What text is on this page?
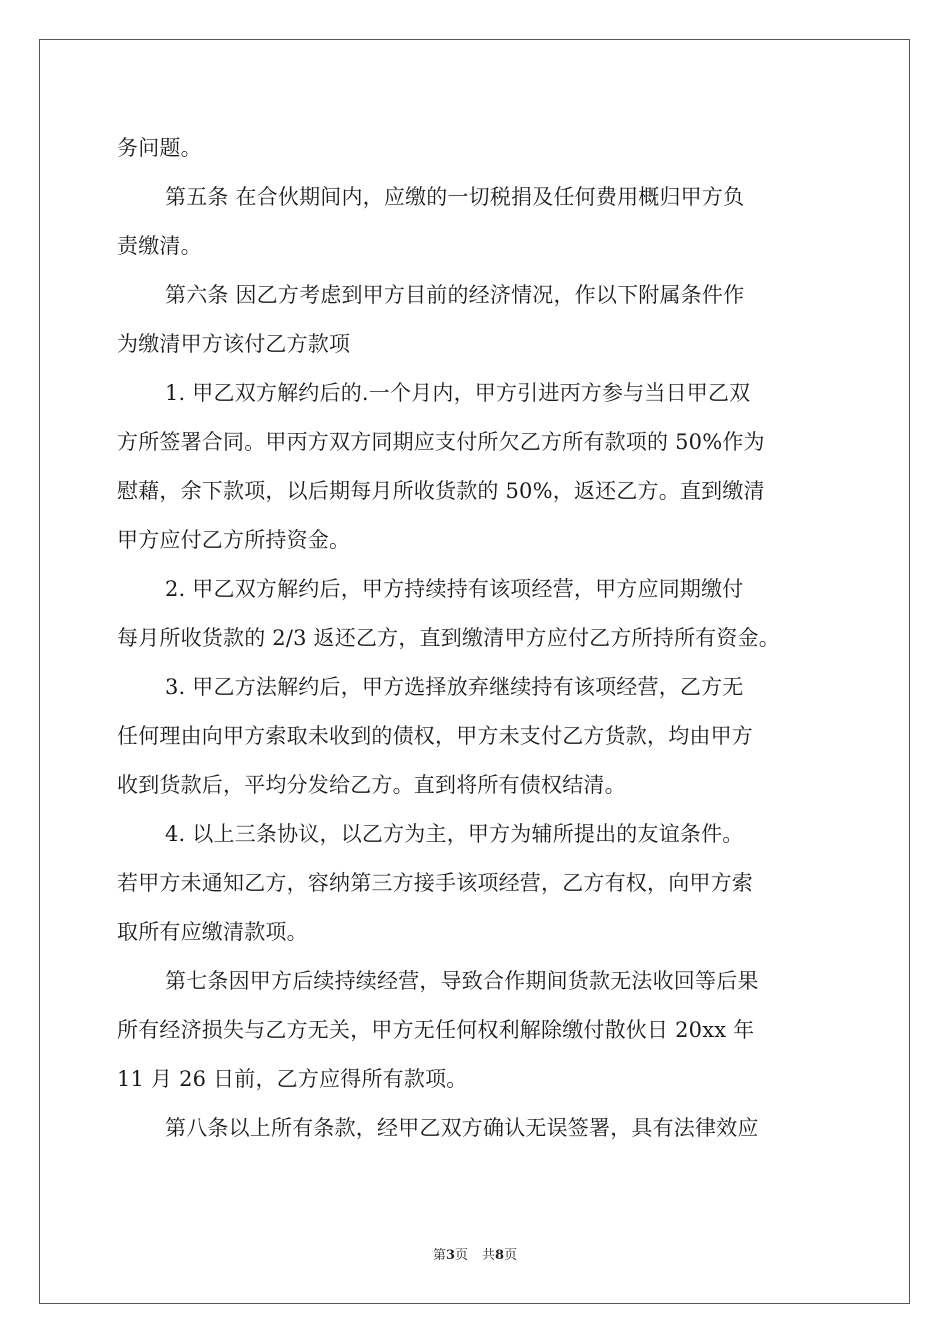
务问题。
第五条 在合伙期间内，应缴的一切税捐及任何费用概归甲方负
责缴清。
第六条 因乙方考虑到甲方目前的经济情况，作以下附属条件作
为缴清甲方该付乙方款项
1. 甲乙双方解约后的.一个月内，甲方引进丙方参与当日甲乙双
方所签署合同。甲丙方双方同期应支付所欠乙方所有款项的 50%作为
慰藉，余下款项，以后期每月所收货款的 50%，返还乙方。直到缴清
甲方应付乙方所持资金。
2. 甲乙双方解约后，甲方持续持有该项经营，甲方应同期缴付
每月所收货款的 2/3 返还乙方，直到缴清甲方应付乙方所持所有资金。
3. 甲乙方法解约后，甲方选择放弃继续持有该项经营，乙方无
任何理由向甲方索取未收到的债权，甲方未支付乙方货款，均由甲方
收到货款后，平均分发给乙方。直到将所有债权结清。
4. 以上三条协议，以乙方为主，甲方为辅所提出的友谊条件。
若甲方未通知乙方，容纳第三方接手该项经营，乙方有权，向甲方索
取所有应缴清款项。
第七条因甲方后续持续经营，导致合作期间货款无法收回等后果
所有经济损失与乙方无关，甲方无任何权利解除缴付散伙日 20xx 年
11 月 26 日前，乙方应得所有款项。
第八条以上所有条款，经甲乙双方确认无误签署，具有法律效应
第3页 共8页
